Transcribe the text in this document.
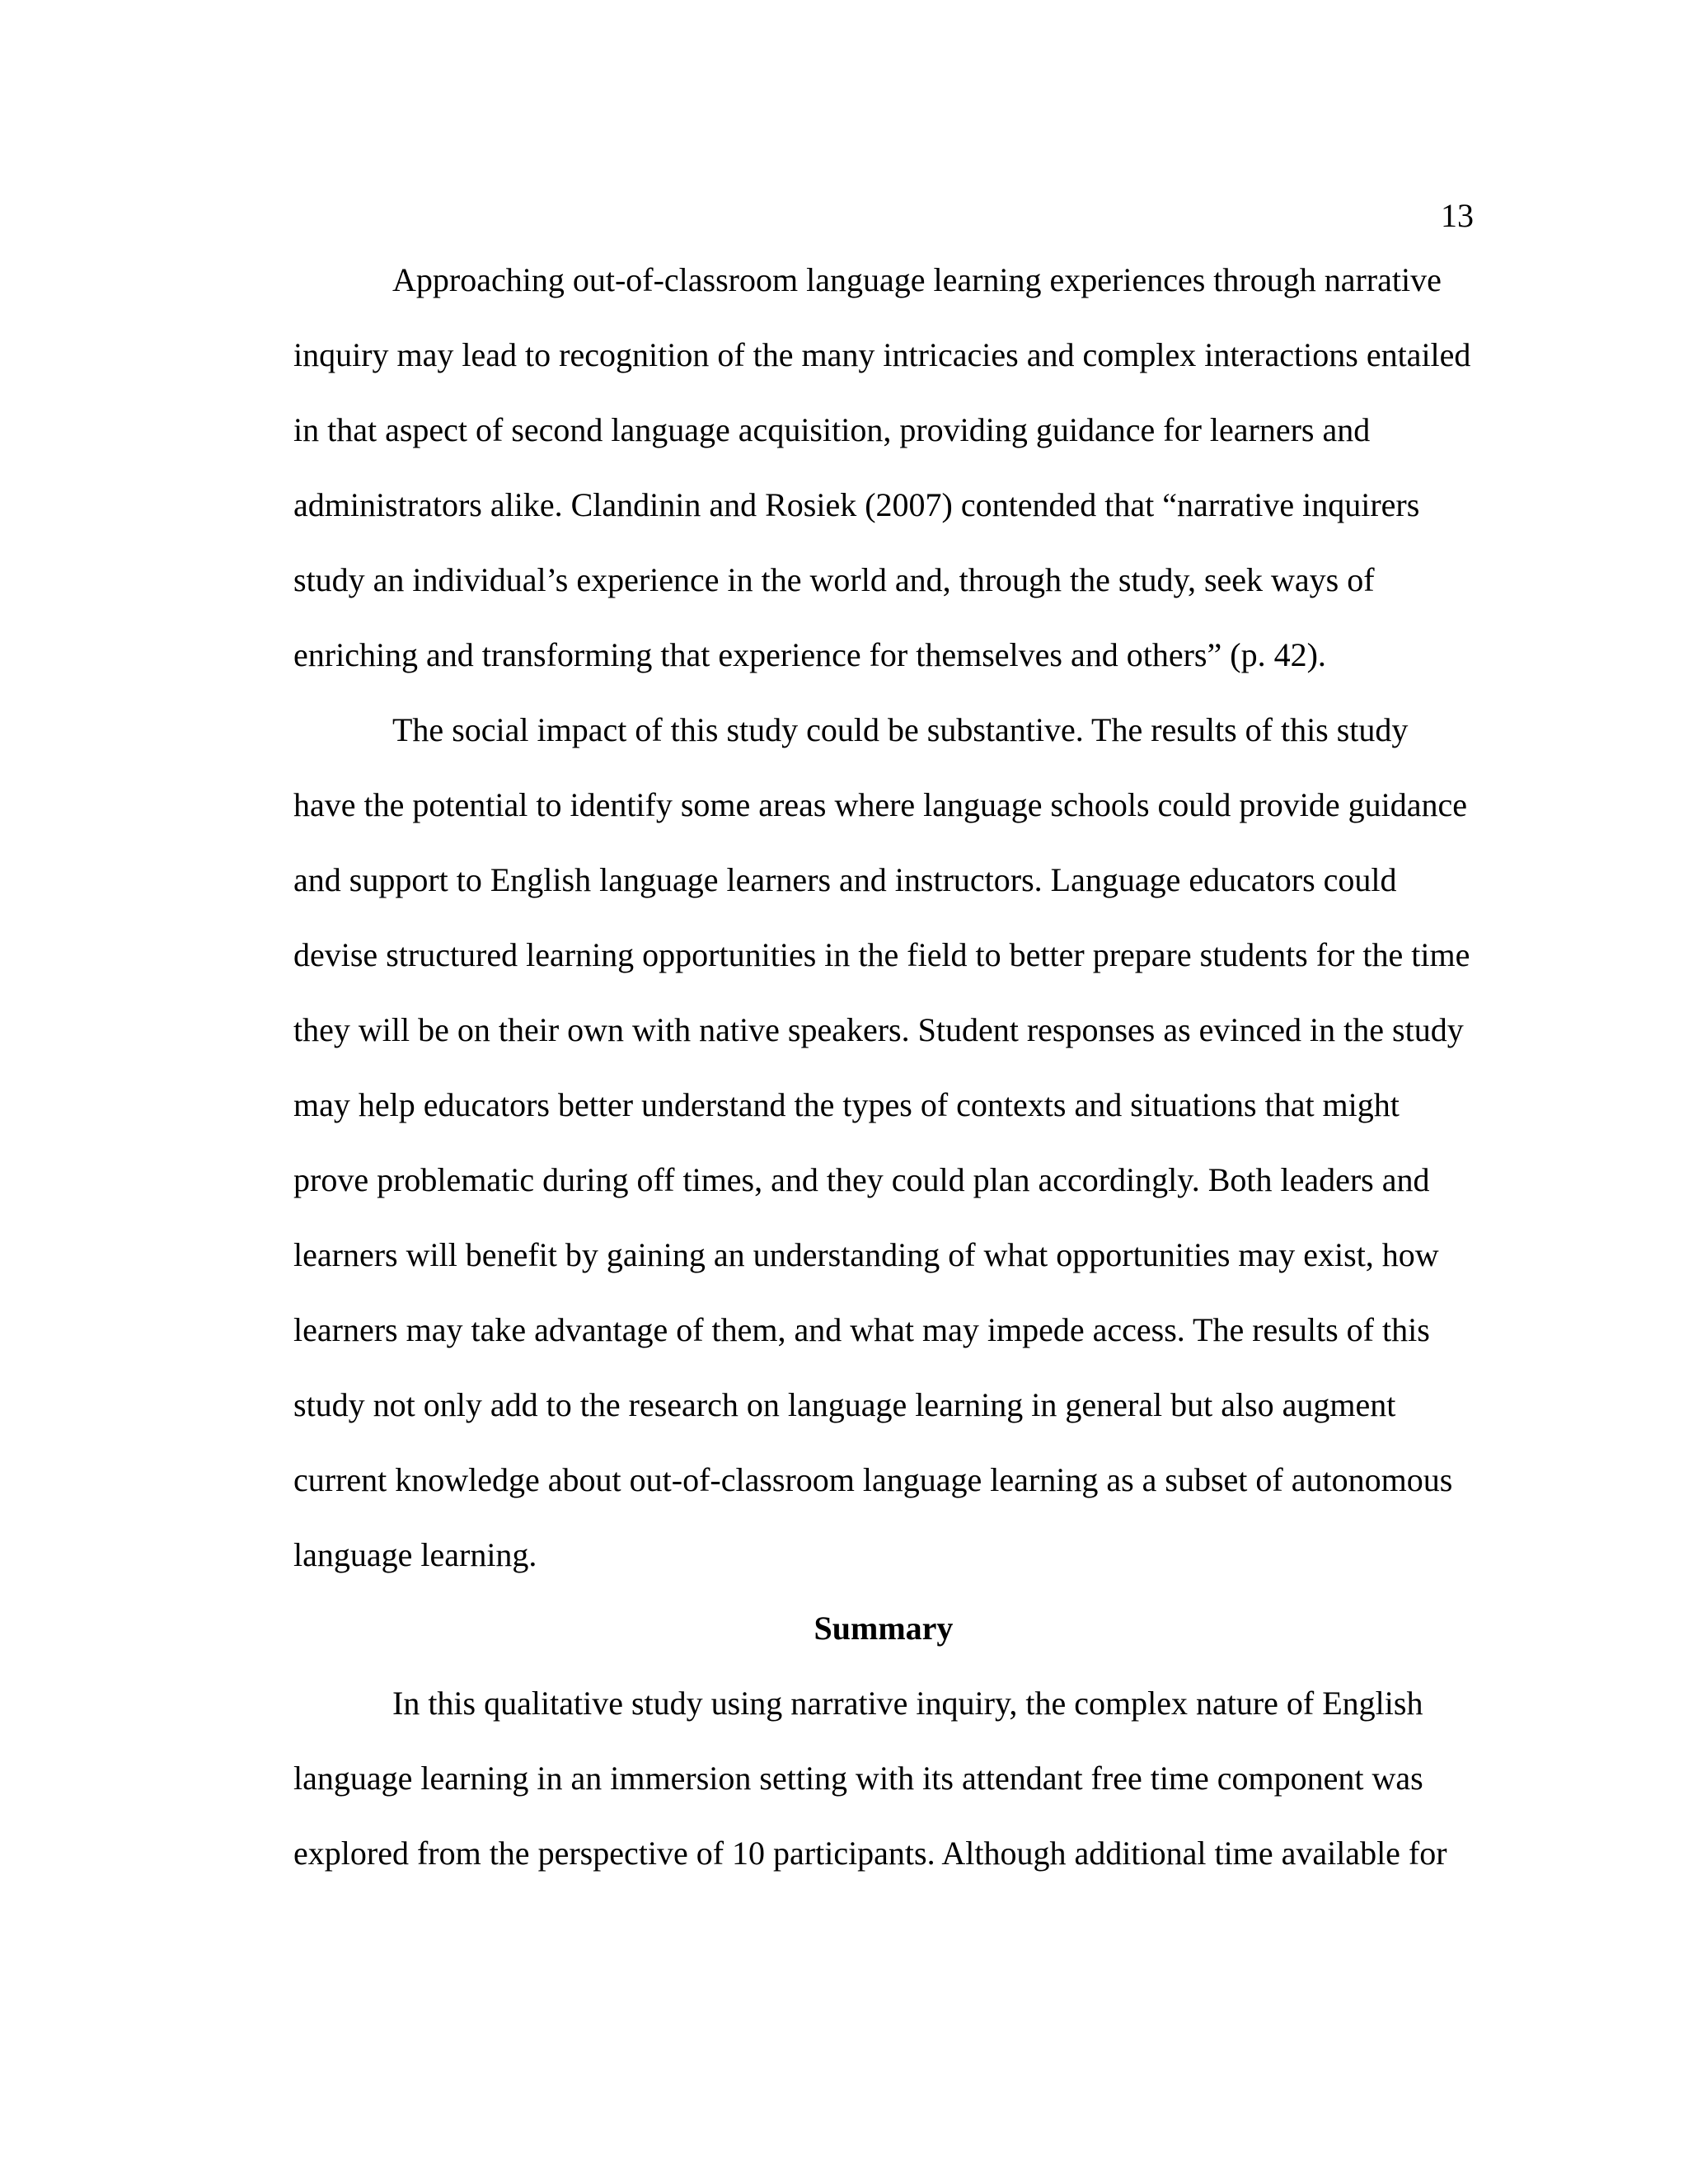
13
Approaching out-of-classroom language learning experiences through narrative
inquiry may lead to recognition of the many intricacies and complex interactions entailed
in that aspect of second language acquisition, providing guidance for learners and
administrators alike. Clandinin and Rosiek (2007) contended that “narrative inquirers
study an individual’s experience in the world and, through the study, seek ways of
enriching and transforming that experience for themselves and others” (p. 42).
The social impact of this study could be substantive. The results of this study
have the potential to identify some areas where language schools could provide guidance
and support to English language learners and instructors. Language educators could
devise structured learning opportunities in the field to better prepare students for the time
they will be on their own with native speakers. Student responses as evinced in the study
may help educators better understand the types of contexts and situations that might
prove problematic during off times, and they could plan accordingly. Both leaders and
learners will benefit by gaining an understanding of what opportunities may exist, how
learners may take advantage of them, and what may impede access. The results of this
study not only add to the research on language learning in general but also augment
current knowledge about out-of-classroom language learning as a subset of autonomous
language learning.
Summary
In this qualitative study using narrative inquiry, the complex nature of English
language learning in an immersion setting with its attendant free time component was
explored from the perspective of 10 participants. Although additional time available for
